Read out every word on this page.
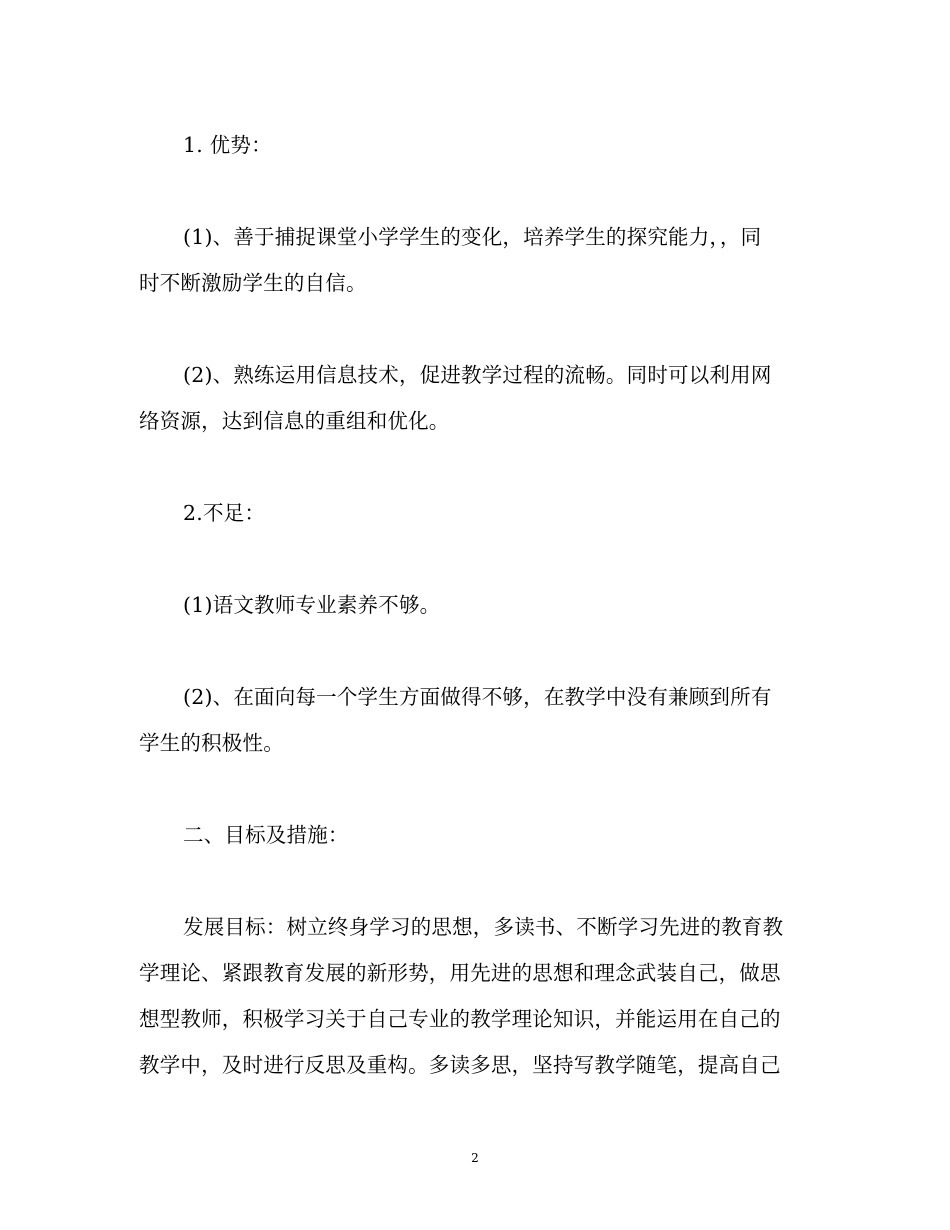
1. 优势：

(1)、善于捕捉课堂小学学生的变化，培养学生的探究能力，，同
时不断激励学生的自信。

(2)、熟练运用信息技术，促进教学过程的流畅。同时可以利用网
络资源，达到信息的重组和优化。

2.不足：

(1)语文教师专业素养不够。

(2)、在面向每一个学生方面做得不够，在教学中没有兼顾到所有
学生的积极性。

二、目标及措施：

发展目标：树立终身学习的思想，多读书、不断学习先进的教育教
学理论、紧跟教育发展的新形势，用先进的思想和理念武装自己，做思
想型教师，积极学习关于自己专业的教学理论知识，并能运用在自己的
教学中，及时进行反思及重构。多读多思，坚持写教学随笔，提高自己

2
